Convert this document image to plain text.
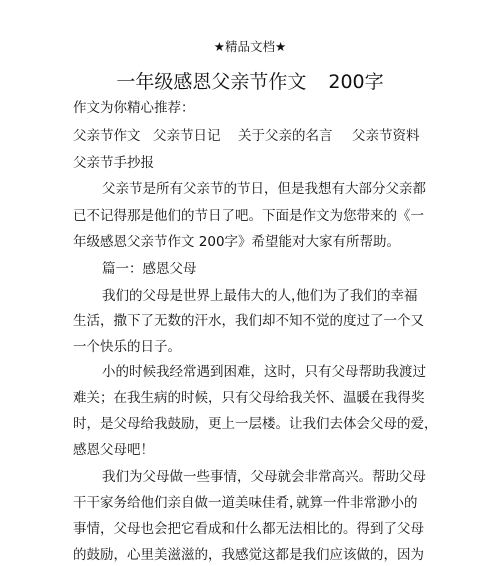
★精品文档★
一年级感恩父亲节作文 200字
作文为你精心推荐：
父亲节作文 父亲节日记 关于父亲的名言 父亲节资料
父亲节手抄报
父亲节是所有父亲节的节日，但是我想有大部分父亲都
已不记得那是他们的节日了吧。下面是作文为您带来的《一
年级感恩父亲节作文 200字》希望能对大家有所帮助。
篇一：感恩父母
我们的父母是世界上最伟大的人，
他们为了我们的幸福
生活，撒下了无数的汗水，我们却不知不觉的度过了一个又
一个快乐的日子。
小的时候我经常遇到困难，这时，只有父母帮助我渡过
难关；在我生病的时候，只有父母给我关怀、温暖
；在我得奖
时，是父母给我鼓励，更上一层楼。让我们去体会父母的爱，
感恩父母吧！
我们为父母做一些事情，父母就会非常高兴。帮助父母
干干家务给他们亲自做一道美味佳肴，
就算一件非常渺小的
事情，父母也会把它看成和什么都无法相比的。得到了父母
的鼓励，心里美滋滋的，我感觉这都是我们应该做的，因为
